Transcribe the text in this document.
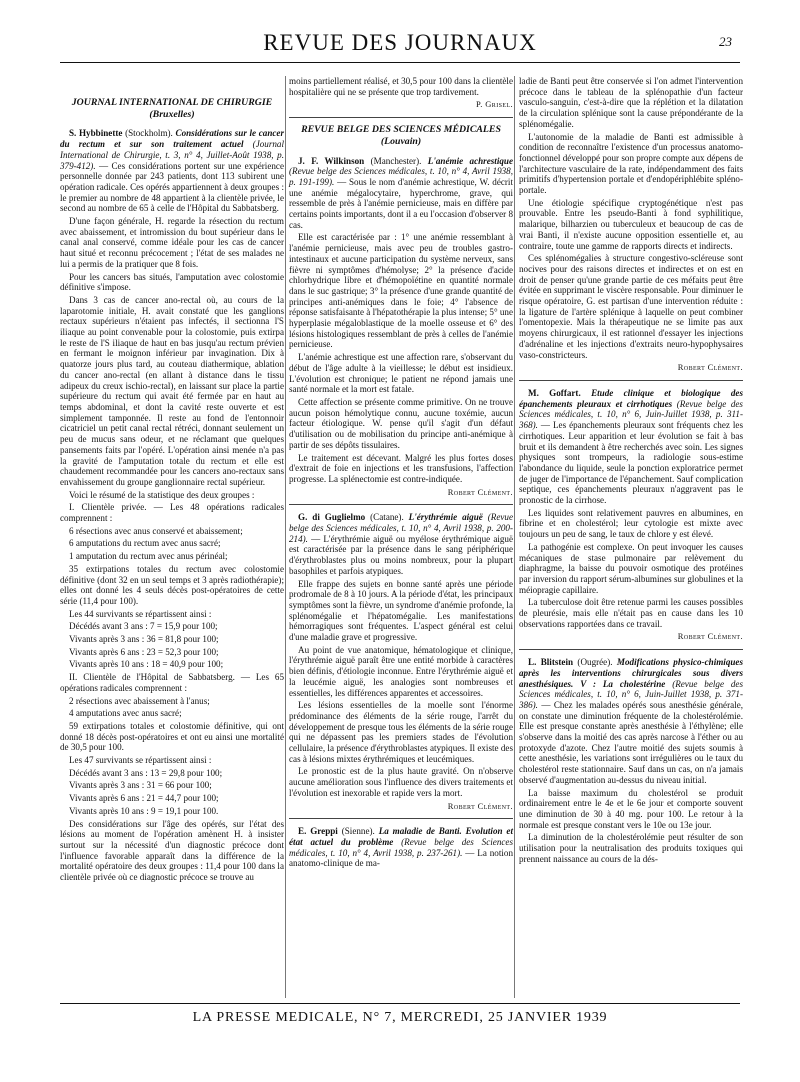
REVUE DES JOURNAUX	23
JOURNAL INTERNATIONAL DE CHIRURGIE
(Bruxelles)

S. Hybbinette (Stockholm). Considérations sur le cancer du rectum et sur son traitement actuel (Journal International de Chirurgie, t. 3, n° 4, Juillet-Août 1938, p. 379-412). — Ces considérations portent sur une expérience personnelle donnée par 243 patients, dont 113 subirent une opération radicale. Ces opérés appartiennent à deux groupes : le premier au nombre de 48 appartient à la clientèle privée, le second au nombre de 65 à celle de l'Hôpital du Sabbatsberg.

D'une façon générale, H. regarde la résection du rectum avec abaissement, et intromission du bout supérieur dans le canal anal conservé, comme idéale pour les cas de cancer haut situé et reconnu précocement ; l'état de ses malades ne lui a permis de la pratiquer que 8 fois.

Pour les cancers bas situés, l'amputation avec colostomie définitive s'impose.

Dans 3 cas de cancer ano-rectal où, au cours de la laparotomie initiale, H. avait constaté que les ganglions rectaux supérieurs n'étaient pas infectés, il sectionna l'S iliaque au point convenable pour la colostomie, puis extirpa le reste de l'S iliaque de haut en bas jusqu'au rectum prévien en fermant le moignon inférieur par invagination. Dix à quatorze jours plus tard, au couteau diathermique, ablation du cancer ano-rectal (en allant à distance dans le tissu adipeux du creux ischio-rectal), en laissant sur place la partie supérieure du rectum qui avait été fermée par en haut au temps abdominal, et dont la cavité reste ouverte et est simplement tamponnée. Il reste au fond de l'entonnoir cicatriciel un petit canal rectal rétréci, donnant seulement un peu de mucus sans odeur, et ne réclamant que quelques pansements faits par l'opéré. L'opération ainsi menée n'a pas la gravité de l'amputation totale du rectum et elle est chaudement recommandée pour les cancers ano-rectaux sans envahissement du groupe ganglionnaire rectal supérieur.

Voici le résumé de la statistique des deux groupes :

I. Clientèle privée. — Les 48 opérations radicales comprennent :

6 résections avec anus conservé et abaissement;

6 amputations du rectum avec anus sacré;

1 amputation du rectum avec anus périnéal;

35 extirpations totales du rectum avec colostomie définitive (dont 32 en un seul temps et 3 après radiothérapie); elles ont donné les 4 seuls décès post-opératoires de cette série (11,4 pour 100).

Les 44 survivants se répartissent ainsi :

Décédés avant 3 ans : 7 = 15,9 pour 100;

Vivants après 3 ans : 36 = 81,8 pour 100;

Vivants après 6 ans : 23 = 52,3 pour 100;

Vivants après 10 ans : 18 = 40,9 pour 100;

II. Clientèle de l'Hôpital de Sabbatsberg. — Les 65 opérations radicales comprennent :

2 résections avec abaissement à l'anus;

4 amputations avec anus sacré;

59 extirpations totales et colostomie définitive, qui ont donné 18 décès post-opératoires et ont eu ainsi une mortalité de 30,5 pour 100.

Les 47 survivants se répartissent ainsi :

Décédés avant 3 ans : 13 = 29,8 pour 100;

Vivants après 3 ans : 31 = 66 pour 100;

Vivants après 6 ans : 21 = 44,7 pour 100;

Vivants après 10 ans : 9 = 19,1 pour 100.

Des considérations sur l'âge des opérés, sur l'état des lésions au moment de l'opération amènent H. à insister surtout sur la nécessité d'un diagnostic précoce dont l'influence favorable apparaît dans la différence de la mortalité opératoire des deux groupes : 11,4 pour 100 dans la clientèle privée où ce diagnostic précoce se trouve au

moins partiellement réalisé, et 30,5 pour 100 dans la clientèle hospitalière qui ne se présente que trop tardivement.

P. Grisel.
REVUE BELGE DES SCIENCES MÉDICALES
(Louvain)

J. F. Wilkinson (Manchester). L'anémie achrestique (Revue belge des Sciences médicales, t. 10, n° 4, Avril 1938, p. 191-199). — Sous le nom d'anémie achrestique, W. décrit une anémie mégalocytaire, hyperchrome, grave, qui ressemble de près à l'anémie pernicieuse, mais en diffère par certains points importants, dont il a eu l'occasion d'observer 8 cas.

Elle est caractérisée par : 1° une anémie ressemblant à l'anémie pernicieuse, mais avec peu de troubles gastro-intestinaux et aucune participation du système nerveux, sans fièvre ni symptômes d'hémolyse; 2° la présence d'acide chlorhydrique libre et d'hémopoïétine en quantité normale dans le suc gastrique; 3° la présence d'une grande quantité de principes anti-anémiques dans le foie; 4° l'absence de réponse satisfaisante à l'hépatothérapie la plus intense; 5° une hyperplasie mégaloblastique de la moelle osseuse et 6° des lésions histologiques ressemblant de près à celles de l'anémie pernicieuse.

L'anémie achrestique est une affection rare, s'observant du début de l'âge adulte à la vieillesse; le début est insidieux. L'évolution est chronique; le patient ne répond jamais une santé normale et la mort est fatale.

Cette affection se présente comme primitive. On ne trouve aucun poison hémolytique connu, aucune toxémie, aucun facteur étiologique. W. pense qu'il s'agit d'un défaut d'utilisation ou de mobilisation du principe anti-anémique à partir de ses dépôts tissulaires.

Le traitement est décevant. Malgré les plus fortes doses d'extrait de foie en injections et les transfusions, l'affection progresse. La splénectomie est contre-indiquée.

Robert Clément.

G. di Guglielmo (Catane). L'érythrémie aiguë (Revue belge des Sciences médicales, t. 10, n° 4, Avril 1938, p. 200-214). — L'érythrémie aiguë ou myélose érythrémique aiguë est caractérisée par la présence dans le sang périphérique d'érythroblastes plus ou moins nombreux, pour la plupart basophiles et parfois atypiques.

Elle frappe des sujets en bonne santé après une période prodromale de 8 à 10 jours. A la période d'état, les principaux symptômes sont la fièvre, un syndrome d'anémie profonde, la splénomégalie et l'hépatomégalie. Les manifestations hémorragiques sont fréquentes. L'aspect général est celui d'une maladie grave et progressive.

Au point de vue anatomique, hématologique et clinique, l'érythrémie aiguë paraît être une entité morbide à caractères bien définis, d'étiologie inconnue. Entre l'érythrémie aiguë et la leucémie aiguë, les analogies sont nombreuses et essentielles, les différences apparentes et accessoires.

Les lésions essentielles de la moelle sont l'énorme prédominance des éléments de la série rouge, l'arrêt du développement de presque tous les éléments de la série rouge qui ne dépassent pas les premiers stades de l'évolution cellulaire, la présence d'érythroblastes atypiques. Il existe des cas à lésions mixtes érythrémiques et leucémiques.

Le pronostic est de la plus haute gravité. On n'observe aucune amélioration sous l'influence des divers traitements et l'évolution est inexorable et rapide vers la mort.

Robert Clément.

E. Greppi (Sienne). La maladie de Banti. Evolution et état actuel du problème (Revue belge des Sciences médicales, t. 10, n° 4, Avril 1938, p. 237-261). — La notion anatomo-clinique de ma-

ladie de Banti peut être conservée si l'on admet l'intervention précoce dans le tableau de la splénopathie d'un facteur vasculo-sanguin, c'est-à-dire que la réplétion et la dilatation de la circulation splénique sont la cause prépondérante de la splénomégalie.

L'autonomie de la maladie de Banti est admissible à condition de reconnaître l'existence d'un processus anatomo-fonctionnel développé pour son propre compte aux dépens de l'architecture vasculaire de la rate, indépendamment des faits primitifs d'hypertension portale et d'endopériphlébite spléno-portale.

Une étiologie spécifique cryptogénétique n'est pas prouvable. Entre les pseudo-Banti à fond syphilitique, malarique, bilharzien ou tuberculeux et beaucoup de cas de vrai Banti, il n'existe aucune opposition essentielle et, au contraire, toute une gamme de rapports directs et indirects.

Ces splénomégalies à structure congestivo-scléreuse sont nocives pour des raisons directes et indirectes et on est en droit de penser qu'une grande partie de ces méfaits peut être évitée en supprimant le viscère responsable. Pour diminuer le risque opératoire, G. est partisan d'une intervention réduite : la ligature de l'artère splénique à laquelle on peut combiner l'omentopexie. Mais la thérapeutique ne se limite pas aux moyens chirurgicaux, il est rationnel d'essayer les injections d'adrénaline et les injections d'extraits neuro-hypophysaires vaso-constricteurs.

Robert Clément.

M. Goffart. Etude clinique et biologique des épanchements pleuraux et cirrhotiques (Revue belge des Sciences médicales, t. 10, n° 6, Juin-Juillet 1938, p. 311-368). — Les épanchements pleuraux sont fréquents chez les cirrhotiques. Leur apparition et leur évolution se fait à bas bruit et ils demandent à être recherchés avec soin. Les signes physiques sont trompeurs, la radiologie sous-estime l'abondance du liquide, seule la ponction exploratrice permet de juger de l'importance de l'épanchement. Sauf complication septique, ces épanchements pleuraux n'aggravent pas le pronostic de la cirrhose.

Les liquides sont relativement pauvres en albumines, en fibrine et en cholestérol; leur cytologie est mixte avec toujours un peu de sang, le taux de chlore y est élevé.

La pathogénie est complexe. On peut invoquer les causes mécaniques de stase pulmonaire par relèvement du diaphragme, la baisse du pouvoir osmotique des protéines par inversion du rapport sérum-albumines sur globulines et la méiopragie capillaire.

La tuberculose doit être retenue parmi les causes possibles de pleurésie, mais elle n'était pas en cause dans les 10 observations rapportées dans ce travail.

Robert Clément.

L. Blitstein (Ougrée). Modifications physico-chimiques après les interventions chirurgicales sous divers anesthésiques. V : La cholestérine (Revue belge des Sciences médicales, t. 10, n° 6, Juin-Juillet 1938, p. 371-386). — Chez les malades opérés sous anesthésie générale, on constate une diminution fréquente de la cholestérolémie. Elle est presque constante après anesthésie à l'éthylène; elle s'observe dans la moitié des cas après narcose à l'éther ou au protoxyde d'azote. Chez l'autre moitié des sujets soumis à cette anesthésie, les variations sont irrégulières ou le taux du cholestérol reste stationnaire. Sauf dans un cas, on n'a jamais observé d'augmentation au-dessus du niveau initial.

La baisse maximum du cholestérol se produit ordinairement entre le 4e et le 6e jour et comporte souvent une diminution de 30 à 40 mg. pour 100. Le retour à la normale est presque constant vers le 10e ou 13e jour.

La diminution de la cholestérolémie peut résulter de son utilisation pour la neutralisation des produits toxiques qui prennent naissance au cours de la dés-

LA PRESSE MEDICALE, N° 7, MERCREDI, 25 JANVIER 1939
